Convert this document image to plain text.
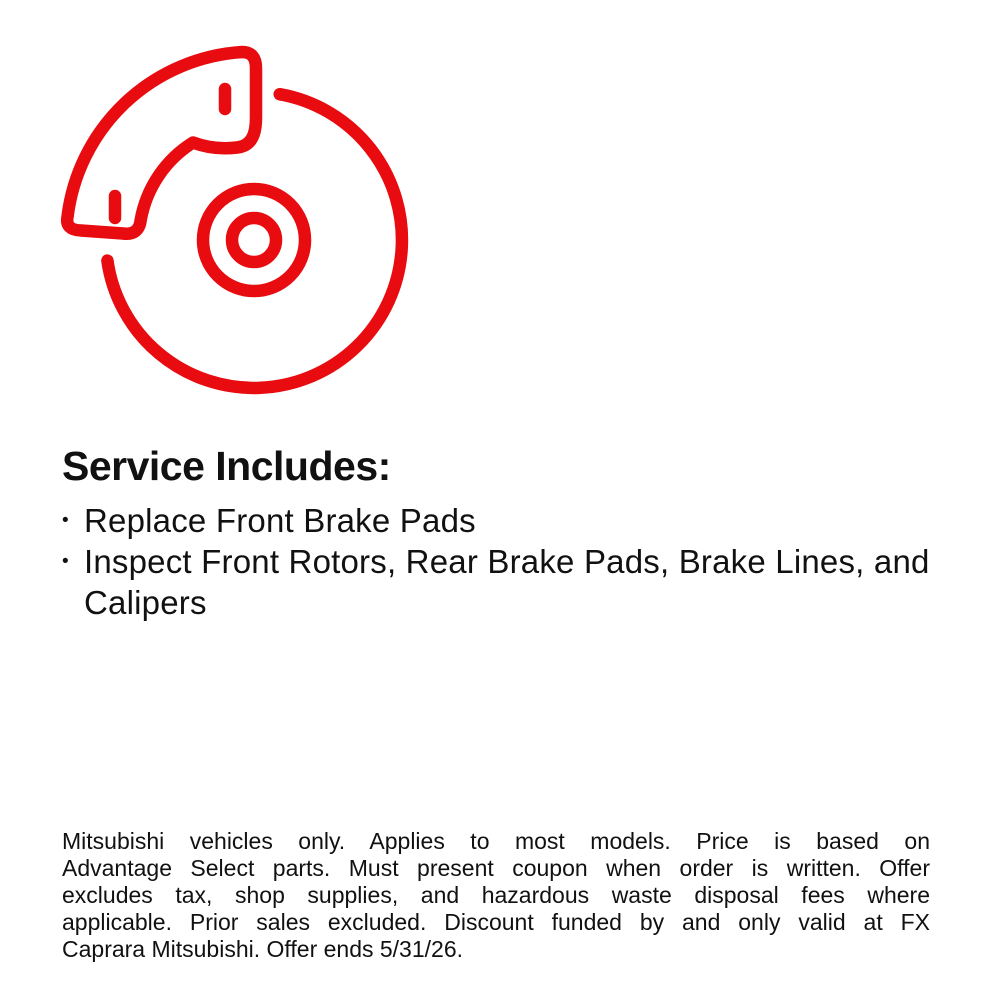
Service Includes:
• Replace Front Brake Pads
• Inspect Front Rotors, Rear Brake Pads, Brake Lines, and Calipers
Mitsubishi vehicles only. Applies to most models. Price is based on
Advantage Select parts. Must present coupon when order is written. Offer
excludes tax, shop supplies, and hazardous waste disposal fees where
applicable. Prior sales excluded. Discount funded by and only valid at FX
Caprara Mitsubishi. Offer ends 5/31/26.
